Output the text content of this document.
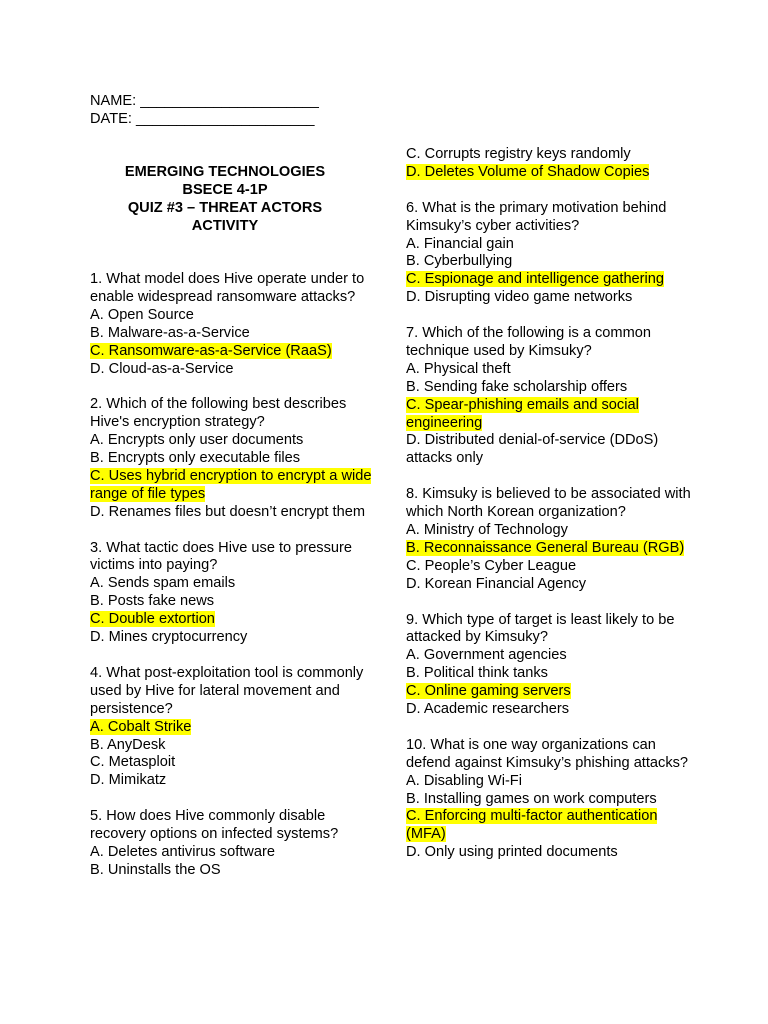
NAME: ______________________
DATE: ______________________
EMERGING TECHNOLOGIES
BSECE 4-1P
QUIZ #3 – THREAT ACTORS
ACTIVITY

1. What model does Hive operate under to enable widespread ransomware attacks?

A. Open Source
B. Malware-as-a-Service
C. Ransomware-as-a-Service (RaaS)
D. Cloud-as-a-Service

2. Which of the following best describes Hive's encryption strategy?

A. Encrypts only user documents
B. Encrypts only executable files
C. Uses hybrid encryption to encrypt a wide range of file types
D. Renames files but doesn’t encrypt them

3. What tactic does Hive use to pressure victims into paying?

A. Sends spam emails
B. Posts fake news
C. Double extortion
D. Mines cryptocurrency

4. What post-exploitation tool is commonly used by Hive for lateral movement and persistence?

A. Cobalt Strike
B. AnyDesk
C. Metasploit
D. Mimikatz

5. How does Hive commonly disable recovery options on infected systems?

A. Deletes antivirus software
B. Uninstalls the OS
C. Corrupts registry keys randomly
D. Deletes Volume of Shadow Copies

6. What is the primary motivation behind Kimsuky’s cyber activities?

A. Financial gain
B. Cyberbullying
C. Espionage and intelligence gathering
D. Disrupting video game networks

7. Which of the following is a common technique used by Kimsuky?

A. Physical theft
B. Sending fake scholarship offers
C. Spear-phishing emails and social engineering
D. Distributed denial-of-service (DDoS) attacks only

8. Kimsuky is believed to be associated with which North Korean organization?

A. Ministry of Technology
B. Reconnaissance General Bureau (RGB)
C. People’s Cyber League
D. Korean Financial Agency

9. Which type of target is least likely to be attacked by Kimsuky?

A. Government agencies
B. Political think tanks
C. Online gaming servers
D. Academic researchers

10. What is one way organizations can defend against Kimsuky’s phishing attacks?

A. Disabling Wi-Fi
B. Installing games on work computers
C. Enforcing multi-factor authentication (MFA)
D. Only using printed documents
